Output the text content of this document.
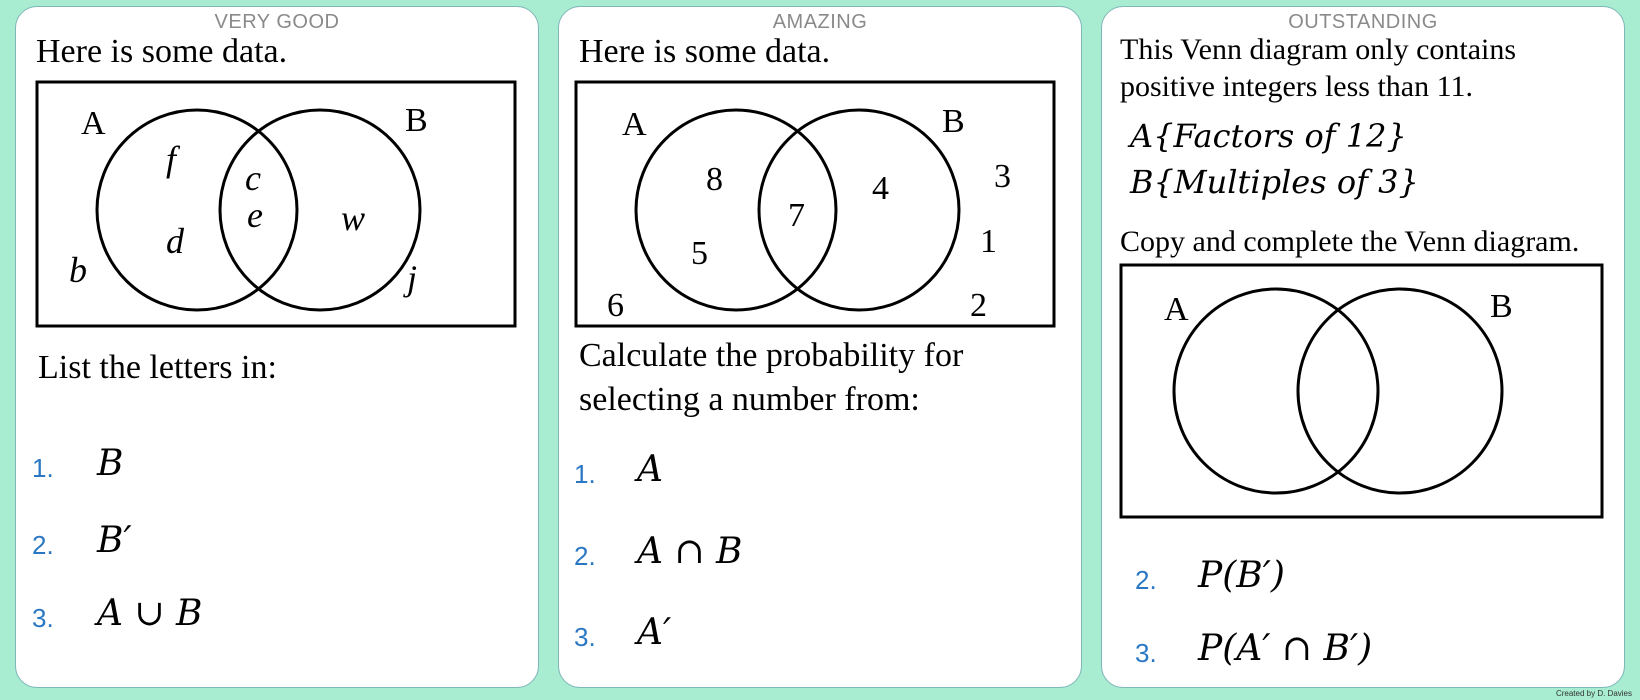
VERY GOOD
Here is some data.
A	B
f
d
c
e w
b	j
List the letters in:
1. B
2. B′
3. A ∪ B
AMAZING
Here is some data.
A	B
8
5
7
4	3
1
6	2
Calculate the probability for
selecting a number from:
1. A
2. A ∩ B
3. A′
OUTSTANDING
This Venn diagram only contains
positive integers less than 11.
A{Factors of 12}
B{Multiples of 3}
Copy and complete the Venn diagram.
A	B
2. P(B′)
3. P(A′ ∩ B′)
Created by D. Davies
